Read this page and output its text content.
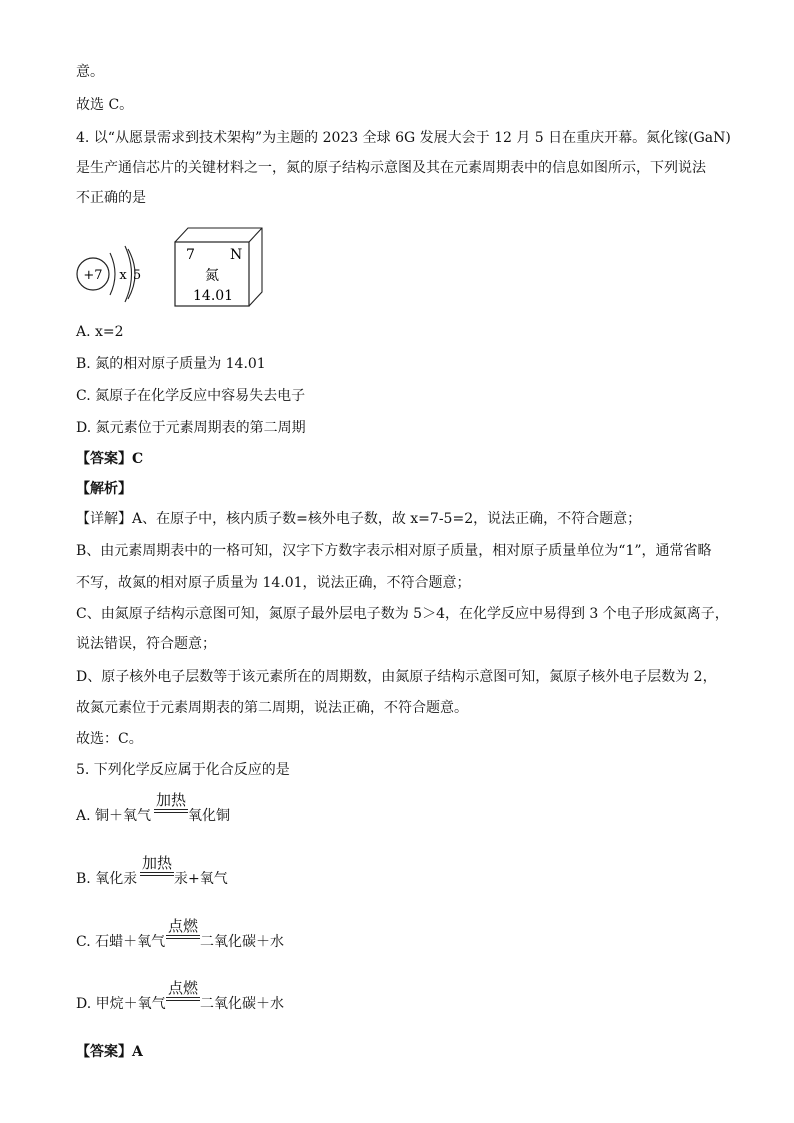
意。
故选 C。
4. 以“从愿景需求到技术架构”为主题的 2023 全球 6G 发展大会于 12 月 5 日在重庆开幕。氮化镓(GaN)
是生产通信芯片的关键材料之一，氮的原子结构示意图及其在元素周期表中的信息如图所示，下列说法
不正确的是
+7 x 5
7	N
氮
14.01
A. x=2
B. 氮的相对原子质量为 14.01
C. 氮原子在化学反应中容易失去电子
D. 氮元素位于元素周期表的第二周期
【答案】C
【解析】
【详解】A、在原子中，核内质子数=核外电子数，故 x=7-5=2，说法正确，不符合题意；
B、由元素周期表中的一格可知，汉字下方数字表示相对原子质量，相对原子质量单位为“1”，通常省略
不写，故氮的相对原子质量为 14.01，说法正确，不符合题意；
C、由氮原子结构示意图可知，氮原子最外层电子数为 5＞4，在化学反应中易得到 3 个电子形成氮离子，
说法错误，符合题意；
D、原子核外电子层数等于该元素所在的周期数，由氮原子结构示意图可知，氮原子核外电子层数为 2，
故氮元素位于元素周期表的第二周期，说法正确，不符合题意。
故选：C。
5. 下列化学反应属于化合反应的是
A. 铜＋氧气
加热
氧化铜
B. 氧化汞
加热
汞+氧气
C. 石蜡＋氧气
点燃
二氧化碳＋水
D. 甲烷＋氧气
点燃
二氧化碳＋水
【答案】A
